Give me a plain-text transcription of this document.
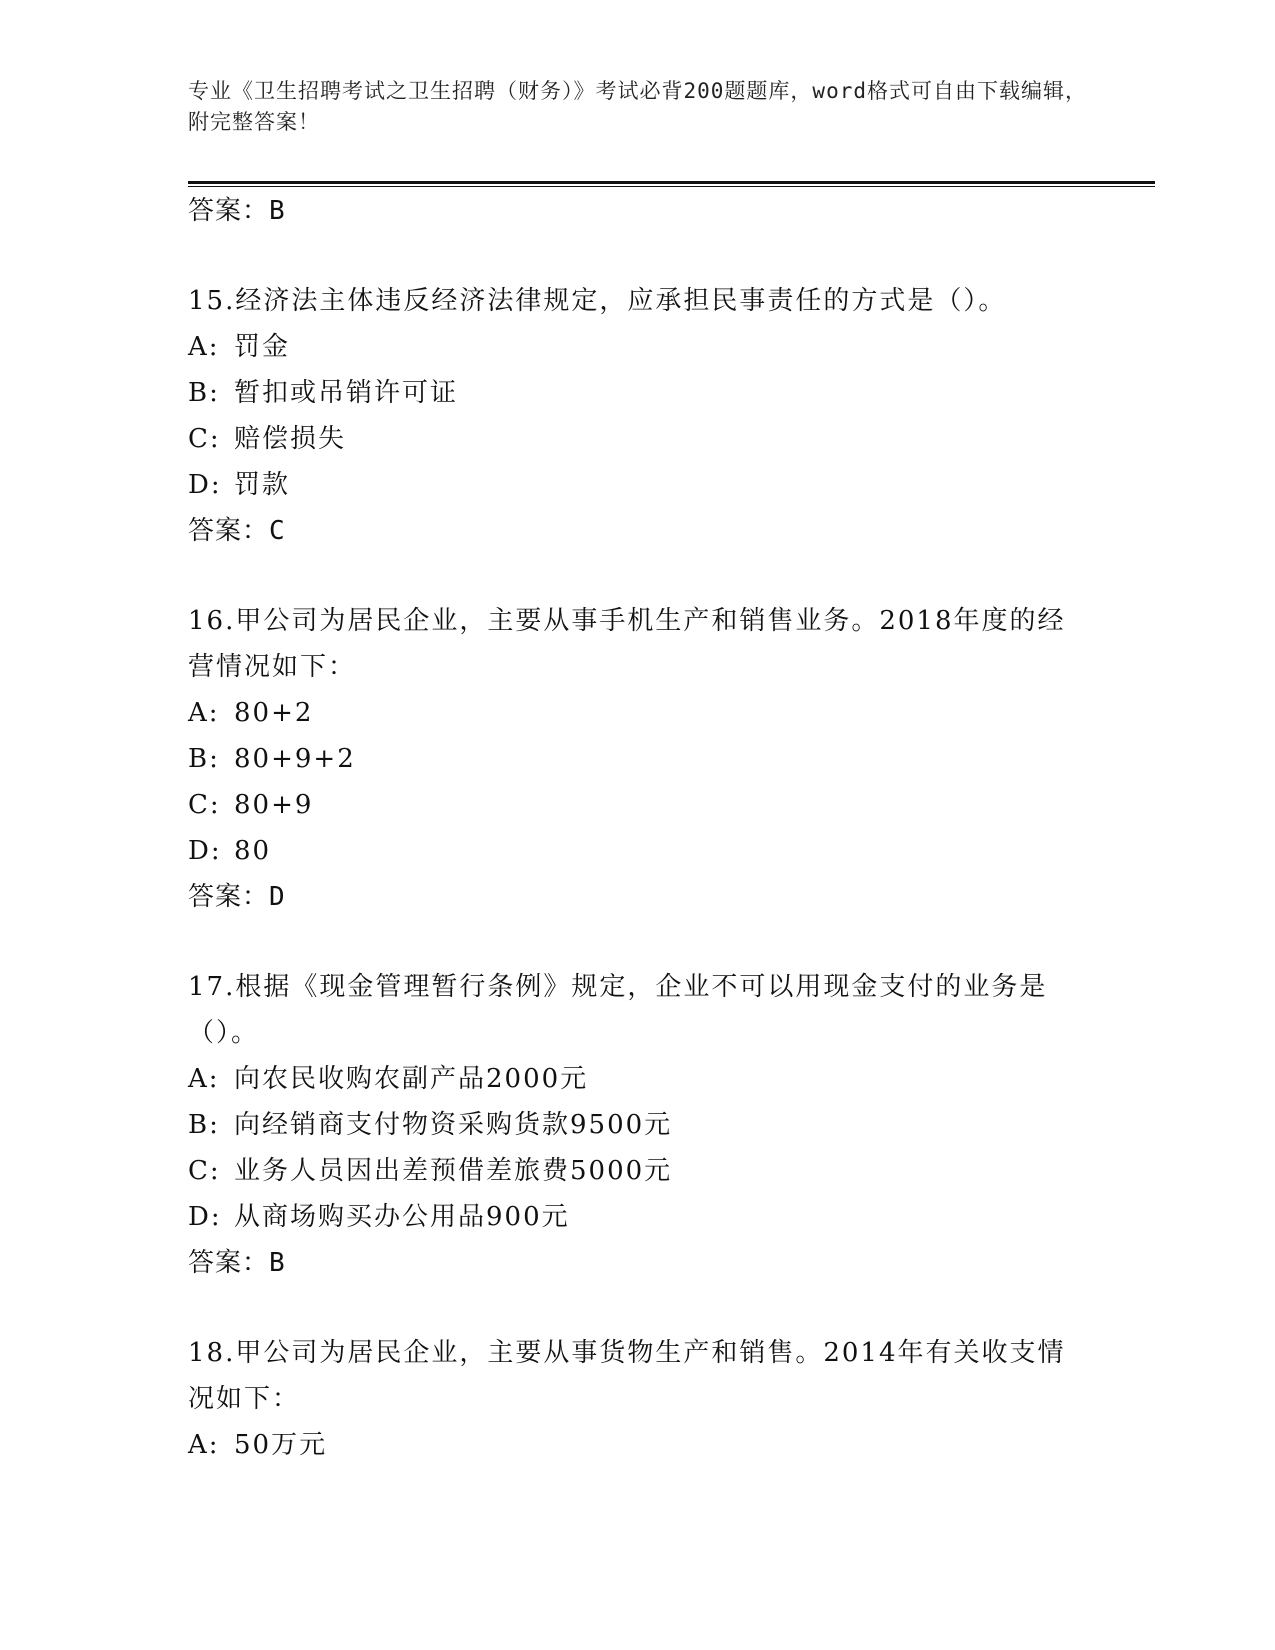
专业《卫生招聘考试之卫生招聘（财务）》考试必背200题题库，word格式可自由下载编辑，附完整答案！
答案：B
15.经济法主体违反经济法律规定，应承担民事责任的方式是（）。
A: 罚金
B: 暂扣或吊销许可证
C: 赔偿损失
D: 罚款
答案：C
16.甲公司为居民企业，主要从事手机生产和销售业务。2018年度的经营情况如下：
A: 80+2
B: 80+9+2
C: 80+9
D: 80
答案：D
17.根据《现金管理暂行条例》规定，企业不可以用现金支付的业务是（）。
A: 向农民收购农副产品2000元
B: 向经销商支付物资采购货款9500元
C: 业务人员因出差预借差旅费5000元
D: 从商场购买办公用品900元
答案：B
18.甲公司为居民企业，主要从事货物生产和销售。2014年有关收支情况如下：
A: 50万元
